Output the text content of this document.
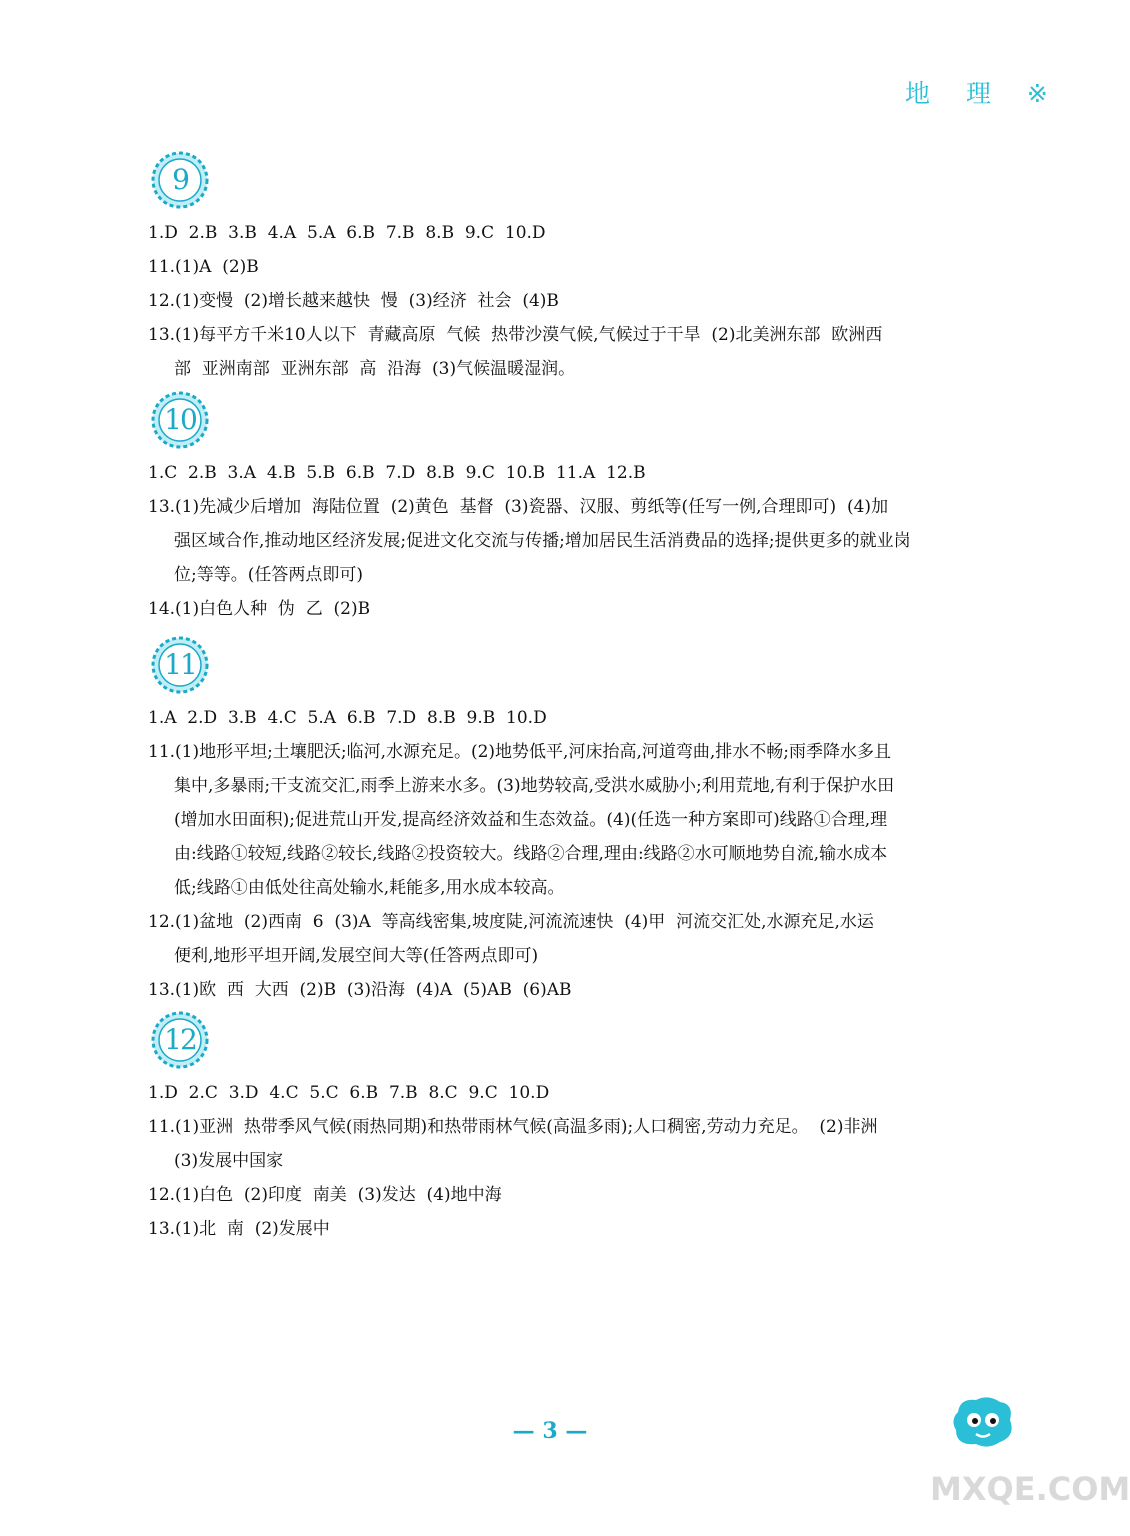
地 理 ※
9
1.D  2.B  3.B  4.A  5.A  6.B  7.B  8.B  9.C  10.D
11.(1)A  (2)B
12.(1)变慢  (2)增长越来越快  慢  (3)经济  社会  (4)B
13.(1)每平方千米10人以下  青藏高原  气候  热带沙漠气候,气候过于干旱  (2)北美洲东部  欧洲西
部  亚洲南部  亚洲东部  高  沿海  (3)气候温暖湿润。
10
1.C  2.B  3.A  4.B  5.B  6.B  7.D  8.B  9.C  10.B  11.A  12.B
13.(1)先减少后增加  海陆位置  (2)黄色  基督  (3)瓷器、汉服、剪纸等(任写一例,合理即可)  (4)加
强区域合作,推动地区经济发展;促进文化交流与传播;增加居民生活消费品的选择;提供更多的就业岗
位;等等。(任答两点即可)
14.(1)白色人种  伪  乙  (2)B
11
1.A  2.D  3.B  4.C  5.A  6.B  7.D  8.B  9.B  10.D
11.(1)地形平坦;土壤肥沃;临河,水源充足。(2)地势低平,河床抬高,河道弯曲,排水不畅;雨季降水多且
集中,多暴雨;干支流交汇,雨季上游来水多。(3)地势较高,受洪水威胁小;利用荒地,有利于保护水田
(增加水田面积);促进荒山开发,提高经济效益和生态效益。(4)(任选一种方案即可)线路①合理,理
由:线路①较短,线路②较长,线路②投资较大。线路②合理,理由:线路②水可顺地势自流,输水成本
低;线路①由低处往高处输水,耗能多,用水成本较高。
12.(1)盆地  (2)西南  6  (3)A  等高线密集,坡度陡,河流流速快  (4)甲  河流交汇处,水源充足,水运
便利,地形平坦开阔,发展空间大等(任答两点即可)
13.(1)欧  西  大西  (2)B  (3)沿海  (4)A  (5)AB  (6)AB
12
1.D  2.C  3.D  4.C  5.C  6.B  7.B  8.C  9.C  10.D
11.(1)亚洲  热带季风气候(雨热同期)和热带雨林气候(高温多雨);人口稠密,劳动力充足。  (2)非洲
(3)发展中国家
12.(1)白色  (2)印度  南美  (3)发达  (4)地中海
13.(1)北  南  (2)发展中
— 3 —
MXQE.COM
